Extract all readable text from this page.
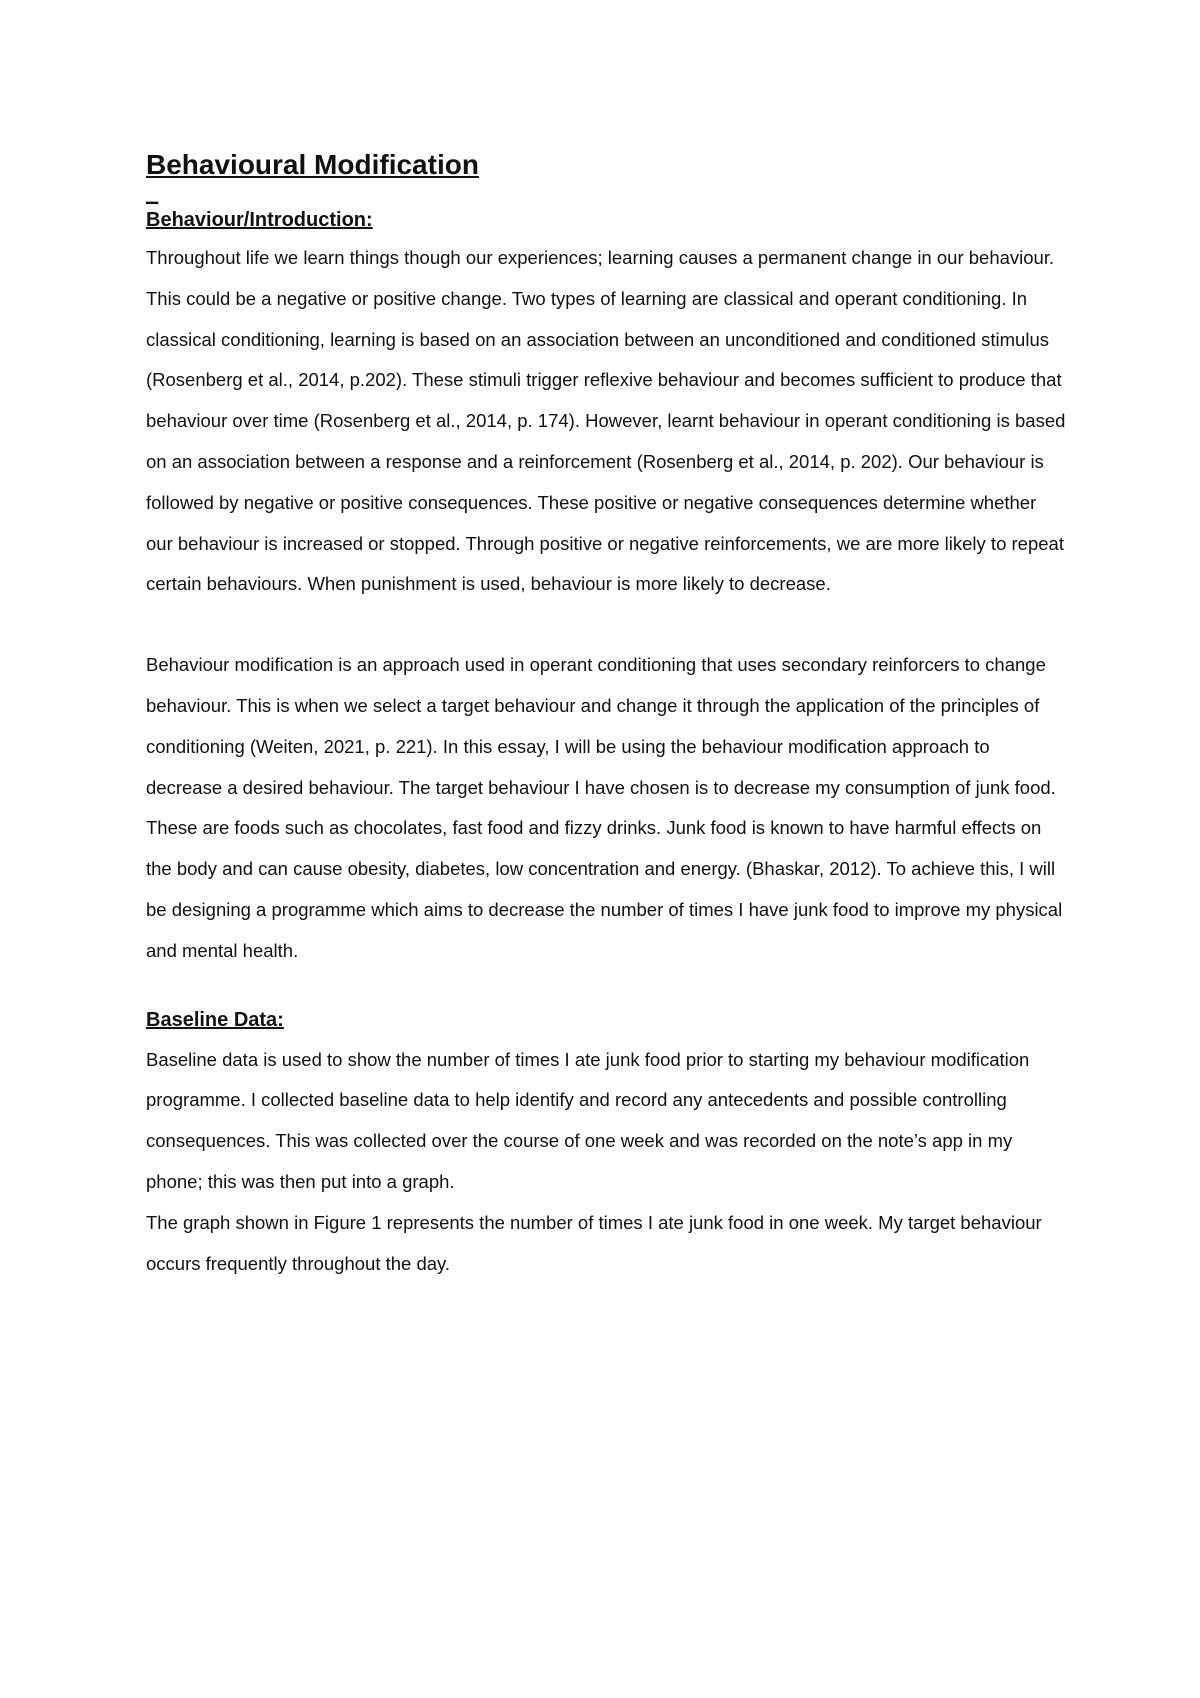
Behavioural Modification
_
Behaviour/Introduction:

Throughout life we learn things though our experiences; learning causes a permanent change in our behaviour. This could be a negative or positive change. Two types of learning are classical and operant conditioning. In classical conditioning, learning is based on an association between an unconditioned and conditioned stimulus (Rosenberg et al., 2014, p.202). These stimuli trigger reflexive behaviour and becomes sufficient to produce that behaviour over time (Rosenberg et al., 2014, p. 174). However, learnt behaviour in operant conditioning is based on an association between a response and a reinforcement (Rosenberg et al., 2014, p. 202). Our behaviour is followed by negative or positive consequences. These positive or negative consequences determine whether our behaviour is increased or stopped. Through positive or negative reinforcements, we are more likely to repeat certain behaviours. When punishment is used, behaviour is more likely to decrease.

Behaviour modification is an approach used in operant conditioning that uses secondary reinforcers to change behaviour. This is when we select a target behaviour and change it through the application of the principles of conditioning (Weiten, 2021, p. 221). In this essay, I will be using the behaviour modification approach to decrease a desired behaviour. The target behaviour I have chosen is to decrease my consumption of junk food. These are foods such as chocolates, fast food and fizzy drinks. Junk food is known to have harmful effects on the body and can cause obesity, diabetes, low concentration and energy. (Bhaskar, 2012). To achieve this, I will be designing a programme which aims to decrease the number of times I have junk food to improve my physical and mental health.

Baseline Data:

Baseline data is used to show the number of times I ate junk food prior to starting my behaviour modification programme. I collected baseline data to help identify and record any antecedents and possible controlling consequences. This was collected over the course of one week and was recorded on the note’s app in my phone; this was then put into a graph.

The graph shown in Figure 1 represents the number of times I ate junk food in one week. My target behaviour occurs frequently throughout the day.
